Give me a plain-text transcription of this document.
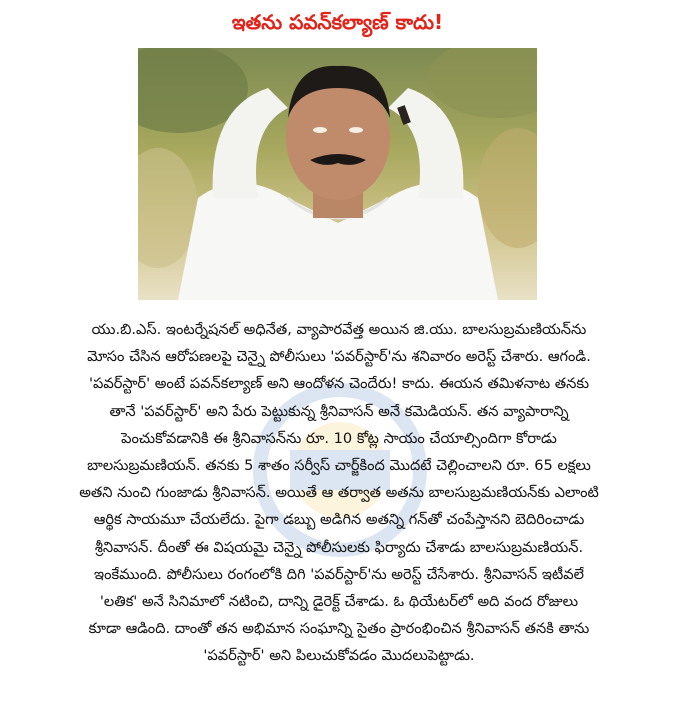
ఇతను పవన్‌కల్యాణ్ కాదు!
యు.బి.ఎస్. ఇంటర్నేషనల్ అధినేత, వ్యాపారవేత్త అయిన జి.యు. బాలసుబ్రమణియన్‌ను
మోసం చేసిన ఆరోపణలపై చెన్నై పోలీసులు 'పవర్‌స్టార్'ను శనివారం అరెస్ట్ చేశారు. ఆగండి.
'పవర్‌స్టార్' అంటే పవన్‌కల్యాణ్ అని ఆందోళన చెందేరు! కాదు. ఈయన తమిళనాట తనకు
తానే 'పవర్‌స్టార్' అని పేరు పెట్టుకున్న శ్రీనివాసన్ అనే కమెడియన్. తన వ్యాపారాన్ని
పెంచుకోవడానికి ఈ శ్రీనివాసన్‌ను రూ. 10 కోట్ల సాయం చేయాల్సిందిగా కోరాడు
బాలసుబ్రమణియన్. తనకు 5 శాతం సర్వీస్ చార్జ్‌కింద మొదటే చెల్లించాలని రూ. 65 లక్షలు
అతని నుంచి గుంజాడు శ్రీనివాసన్. అయితే ఆ తర్వాత అతను బాలసుబ్రమణియన్‌కు ఎలాంటి
ఆర్థిక సాయమూ చేయలేదు. పైగా డబ్బు అడిగిన అతన్ని గన్‌తో చంపేస్తానని బెదిరించాడు
శ్రీనివాసన్. దీంతో ఈ విషయమై చెన్నై పోలీసులకు ఫిర్యాదు చేశాడు బాలసుబ్రమణియన్.
ఇంకేముంది. పోలీసులు రంగంలోకి దిగి 'పవర్‌స్టార్'ను అరెస్ట్ చేసేశారు. శ్రీనివాసన్ ఇటీవలే
'లతిక' అనే సినిమాలో నటించి, దాన్ని డైరెక్ట్ చేశాడు. ఓ థియేటర్‌లో అది వంద రోజులు
కూడా ఆడింది. దాంతో తన అభిమాన సంఘాన్ని సైతం ప్రారంభించిన శ్రీనివాసన్ తనకి తాను
'పవర్‌స్టార్' అని పిలుచుకోవడం మొదలుపెట్టాడు.
